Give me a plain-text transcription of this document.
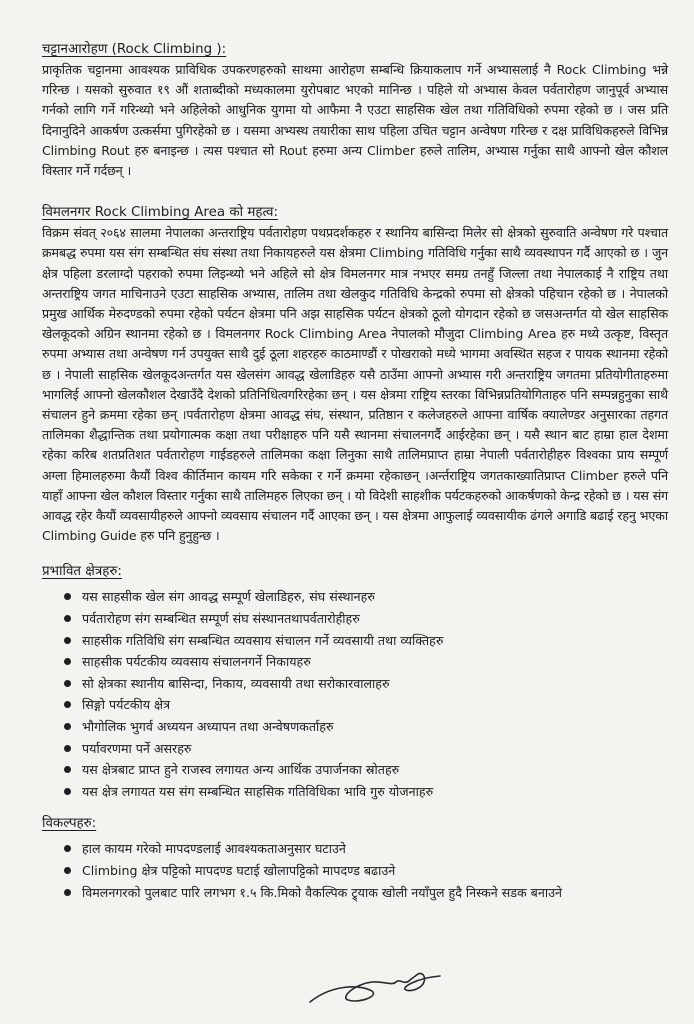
चट्टानआरोहण (Rock Climbing ):

प्राकृतिक चट्टानमा आवश्यक प्राविधिक उपकरणहरुको साथमा आरोहण सम्बन्धि क्रियाकलाप गर्ने अभ्यासलाई नै Rock Climbing भन्ने गरिन्छ । यसको सुरुवात १९ औं शताब्दीको मध्यकालमा युरोपबाट भएको मानिन्छ । पहिले यो अभ्यास केवल पर्वतारोहण जानुपूर्व अभ्यास गर्नको लागि गर्ने गरिन्थ्यो भने अहिलेको आधुनिक युगमा यो आफैमा नै एउटा साहसिक खेल तथा गतिविधिको रुपमा रहेको छ । जस प्रति दिनानुदिने आकर्षण उत्कर्समा पुगिरहेको छ । यसमा अभ्यस्थ तयारीका साथ पहिला उचित चट्टान अन्वेषण गरिन्छ र दक्ष प्राविधिकहरुले विभिन्न Climbing Rout हरु बनाइन्छ । त्यस पश्चात सो Rout हरुमा अन्य Climber हरुले तालिम, अभ्यास गर्नुका साथै आफ्नो खेल कौशल विस्तार गर्ने गर्दछन् ।

विमलनगर Rock Climbing Area को महत्व:

विक्रम संवत् २०६४ सालमा नेपालका अन्तराष्ट्रिय पर्वतारोहण पथप्रदर्शकहरु र स्थानिय बासिन्दा मिलेर सो क्षेत्रको सुरुवाति अन्वेषण गरे पश्चात क्रमबद्ध रुपमा यस संग सम्बन्धित संघ संस्था तथा निकायहरुले यस क्षेत्रमा Climbing गतिविधि गर्नुका साथै व्यवस्थापन गर्दै आएको छ । जुन क्षेत्र पहिला डरलाग्दो पहराको रुपमा लिइन्थ्यो भने अहिले सो क्षेत्र विमलनगर मात्र नभएर समग्र तनहुँ जिल्ला तथा नेपालकाई नै राष्ट्रिय तथा अन्तराष्ट्रिय जगत माचिनाउने एउटा साहसिक अभ्यास, तालिम तथा खेलकुद गतिविधि केन्द्रको रुपमा सो क्षेत्रको पहिचान रहेको छ । नेपालको प्रमुख आर्थिक मेरुदण्डको रुपमा रहेको पर्यटन क्षेत्रमा पनि अझ साहसिक पर्यटन क्षेत्रको ठूलो योगदान रहेको छ जसअन्तर्गत यो खेल साहसिक खेलकूदको अग्रिन स्थानमा रहेको छ । विमलनगर Rock Climbing Area नेपालको मौजुदा Climbing Area हरु मध्ये उत्कृष्ट, विस्तृत रुपमा अभ्यास तथा अन्वेषण गर्न उपयुक्त साथै दुई ठूला शहरहरु काठमाण्डौं र पोखराको मध्ये भागमा अवस्थित सहज र पायक स्थानमा रहेको छ । नेपाली साहसिक खेलकूदअन्तर्गत यस खेलसंग आवद्ध खेलाडिहरु यसै ठाउँमा आफ्नो अभ्यास गरी अन्तराष्ट्रिय जगतमा प्रतियोगीताहरुमा भागलिई आफ्नो खेलकौशल देखाउँदै देशको प्रतिनिधित्वगरिरहेका छन् । यस क्षेत्रमा राष्ट्रिय स्तरका विभिन्नप्रतियोगिताहरु पनि सम्पन्नहुनुका साथै संचालन हुने क्रममा रहेका छन् ।पर्वतारोहण क्षेत्रमा आवद्ध संघ, संस्थान, प्रतिष्ठान र कलेजहरुले आफ्ना वार्षिक क्यालेण्डर अनुसारका तहगत तालिमका शैद्धान्तिक तथा प्रयोगात्मक कक्षा तथा परीक्षाहरु पनि यसै स्थानमा संचालनगर्दै आईरहेका छन् । यसै स्थान बाट हाम्रा हाल देशमा रहेका करिब शतप्रतिशत पर्वतारोहण गाईडहरुले तालिमका कक्षा लिनुका साथै तालिमप्राप्त हाम्रा नेपाली पर्वतारोहीहरु विश्वका प्राय सम्पूर्ण अग्ला हिमालहरुमा कैयौं विश्व कीर्तिमान कायम गरि सकेका र गर्ने क्रममा रहेकाछन् ।अर्न्तराष्ट्रिय जगतकाख्यातिप्राप्त Climber हरुले पनि याहाँ आफ्ना खेल कौशल विस्तार गर्नुका साथै तालिमहरु लिएका छन् । यो विदेशी साहशीक पर्यटकहरुको आकर्षणको केन्द्र रहेको छ । यस संग आवद्ध रहेर कैयौं व्यवसायीहरुले आफ्नो व्यवसाय संचालन गर्दै आएका छन् । यस क्षेत्रमा आफुलाई व्यवसायीक ढंगले अगाडि बढाई रहनु भएका Climbing Guide हरु पनि हुनुहुन्छ ।

प्रभावित क्षेत्रहरु:
यस साहसीक खेल संग आवद्ध सम्पूर्ण खेलाडिहरु, संघ संस्थानहरु
पर्वतारोहण संग सम्बन्धित सम्पूर्ण संघ संस्थानतथापर्वतारोहीहरु
साहसीक गतिविधि संग सम्बन्धित व्यवसाय संचालन गर्ने व्यवसायी तथा व्यक्तिहरु
साहसीक पर्यटकीय व्यवसाय संचालनगर्ने निकायहरु
सो क्षेत्रका स्थानीय बासिन्दा, निकाय, व्यवसायी तथा सरोकारवालाहरु
सिङ्गो पर्यटकीय क्षेत्र
भौगोलिक भुगर्व अध्ययन अध्यापन तथा अन्वेषणकर्ताहरु
पर्यावरणमा पर्ने असरहरु
यस क्षेत्रबाट प्राप्त हुने राजस्व लगायत अन्य आर्थिक उपार्जनका स्रोतहरु
यस क्षेत्र लगायत यस संग सम्बन्धित साहसिक गतिविधिका भावि गुरु योजनाहरु
विकल्पहरु:
हाल कायम गरेको मापदण्डलाई आवश्यकताअनुसार घटाउने
Climbing क्षेत्र पट्टिको मापदण्ड घटाई खोलापट्टिको मापदण्ड बढाउने
विमलनगरको पुलबाट पारि लगभग १.५ कि.मिको वैकल्पिक ट्र्याक खोली नयाँपुल हुदै निस्कने सडक बनाउने
